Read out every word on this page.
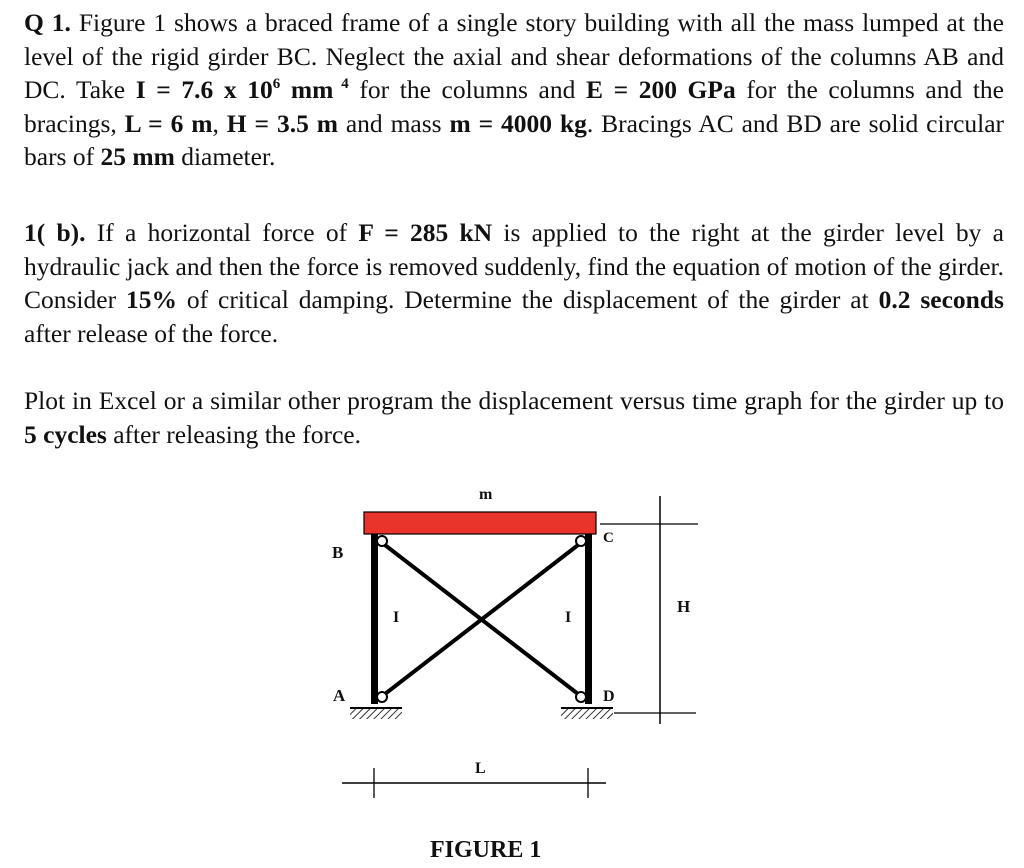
Q 1. Figure 1 shows a braced frame of a single story building with all the mass lumped at the level of the rigid girder BC. Neglect the axial and shear deformations of the columns AB and DC. Take I = 7.6 x $10^6$ mm $^4$ for the columns and E = 200 GPa for the columns and the bracings, L = 6 m, H = 3.5 m and mass m = 4000 kg. Bracings AC and BD are solid circular bars of 25 mm diameter.
1( b). If a horizontal force of F = 285 kN is applied to the right at the girder level by a hydraulic jack and then the force is removed suddenly, find the equation of motion of the girder. Consider 15% of critical damping. Determine the displacement of the girder at 0.2 seconds after release of the force.
Plot in Excel or a similar other program the displacement versus time graph for the girder up to 5 cycles after releasing the force.
m
B
C
A	D
I	I
H
L
FIGURE 1
